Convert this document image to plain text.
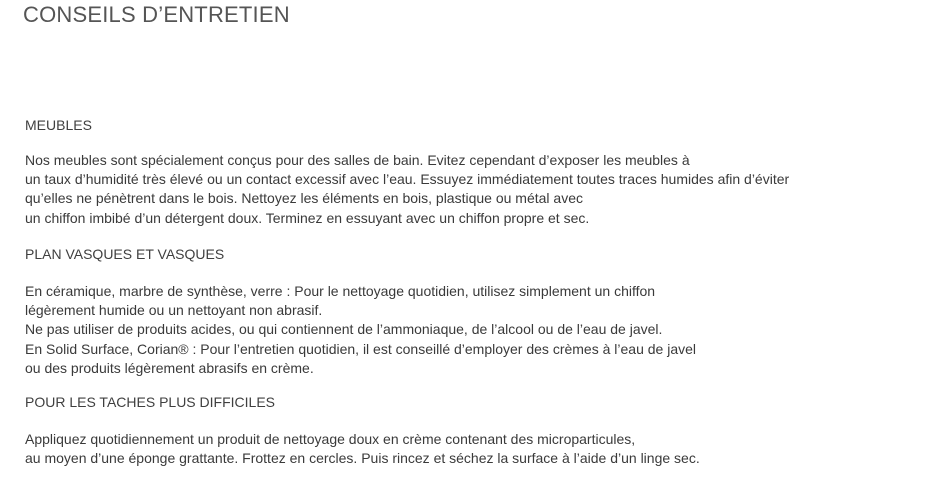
CONSEILS D’ENTRETIEN
MEUBLES

Nos meubles sont spécialement conçus pour des salles de bain. Evitez cependant d’exposer les meubles à
un taux d’humidité très élevé ou un contact excessif avec l’eau. Essuyez immédiatement toutes traces humides afin d’éviter
qu’elles ne pénètrent dans le bois. Nettoyez les éléments en bois, plastique ou métal avec
un chiffon imbibé d’un détergent doux. Terminez en essuyant avec un chiffon propre et sec.

PLAN VASQUES ET VASQUES

En céramique, marbre de synthèse, verre : Pour le nettoyage quotidien, utilisez simplement un chiffon
légèrement humide ou un nettoyant non abrasif.
Ne pas utiliser de produits acides, ou qui contiennent de l’ammoniaque, de l’alcool ou de l’eau de javel.
En Solid Surface, Corian® : Pour l’entretien quotidien, il est conseillé d’employer des crèmes à l’eau de javel
ou des produits légèrement abrasifs en crème.

POUR LES TACHES PLUS DIFFICILES

Appliquez quotidiennement un produit de nettoyage doux en crème contenant des microparticules,
au moyen d’une éponge grattante. Frottez en cercles. Puis rincez et séchez la surface à l’aide d’un linge sec.
